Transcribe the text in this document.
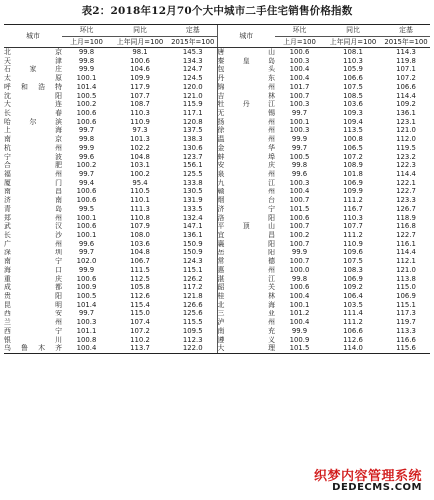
表2：2018年12月70个大中城市二手住宅销售价格指数
城市	环比	同比	定基	城市	环比	同比	定基
	上月=100	上年同月=100	2015年=100		上月=100	上年同月=100	2015年=100
北　京	99.8	98.1	145.3	唐　山	100.6	108.1	114.3
天　津	99.8	100.6	134.3	秦皇岛	100.3	110.3	119.8
石家庄	99.9	104.6	124.7	包　头	100.4	105.9	107.1
太　原	100.1	109.9	124.5	丹　东	100.4	106.6	107.2
呼和浩特	101.4	117.9	120.0	锦　州	101.7	107.5	106.6
沈　阳	100.5	107.7	121.0	吉　林	100.7	108.5	114.4
大　连	100.2	108.7	115.9	牡丹江	100.3	103.6	109.2
长　春	100.6	110.3	117.1	无　锡	99.7	109.3	136.1
哈尔滨	100.6	110.9	120.8	扬　州	100.1	109.4	123.1
上　海	99.7	97.3	137.5	徐　州	100.3	113.5	121.0
南　京	99.8	101.3	138.3	温　州	99.9	100.8	112.0
杭　州	99.9	102.2	130.6	金　华	99.7	106.5	119.5
宁　波	99.6	104.8	123.7	蚌　埠	100.5	107.2	123.2
合　肥	100.2	103.1	156.1	安　庆	99.8	108.9	122.3
福　州	99.7	100.2	125.5	泉　州	99.6	101.8	114.4
厦　门	99.4	95.4	133.8	九　江	100.3	106.9	122.1
南　昌	100.6	110.5	130.5	赣　州	100.4	109.9	122.7
济　南	100.6	110.1	131.9	烟　台	100.7	111.2	123.3
青　岛	99.5	111.3	133.5	济　宁	101.5	116.7	126.7
郑　州	100.1	110.8	132.4	洛　阳	100.6	110.3	118.9
武　汉	100.6	107.9	147.1	平顶山	100.7	107.7	116.8
长　沙	100.1	108.0	136.1	宜　昌	100.2	111.2	122.7
广　州	99.6	103.6	150.9	襄　阳	100.7	110.9	116.1
深　圳	99.7	104.8	150.9	岳　阳	99.9	109.6	114.4
南　宁	102.0	106.7	124.3	常　德	100.7	107.5	112.1
海　口	99.9	111.5	115.1	惠　州	100.0	108.3	121.0
重　庆	100.6	112.5	126.2	湛　江	99.8	106.9	113.8
成　都	100.9	105.8	117.2	韶　关	100.6	109.2	115.0
贵　阳	100.5	112.6	121.8	桂　林	100.4	106.4	106.9
昆　明	101.4	115.4	126.6	北　海	100.1	103.5	115.1
西　安	99.7	115.0	125.6	三　亚	101.2	111.4	117.3
兰　州	100.3	107.4	115.5	泸　州	100.4	111.2	119.7
西　宁	101.1	107.2	109.5	南　充	99.9	106.6	113.3
银　川	100.8	110.2	112.3	遵　义	100.9	112.6	116.6
乌鲁木齐	100.4	113.7	122.0	大　理	101.5	114.0	115.6
织梦内容管理系统
DEDECMS.COM
